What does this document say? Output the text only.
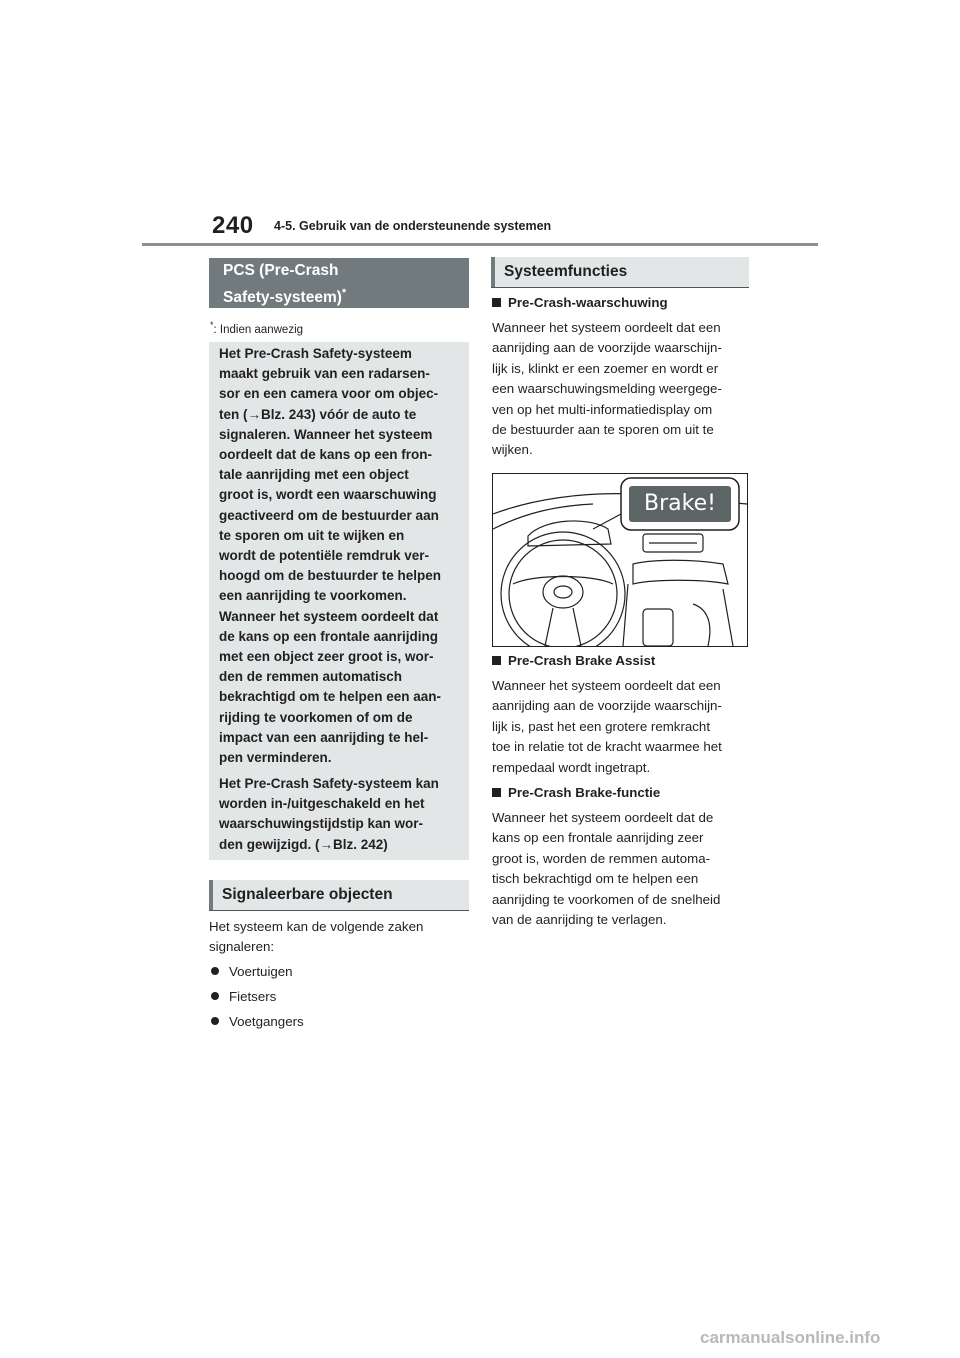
240 4-5. Gebruik van de ondersteunende systemen
PCS (Pre-Crash
Safety-systeem)*
*: Indien aanwezig
Het Pre-Crash Safety-systeem
maakt gebruik van een radarsen-
sor en een camera voor om objec-
ten (→Blz. 243) vóór de auto te
signaleren. Wanneer het systeem
oordeelt dat de kans op een fron-
tale aanrijding met een object
groot is, wordt een waarschuwing
geactiveerd om de bestuurder aan
te sporen om uit te wijken en
wordt de potentiële remdruk ver-
hoogd om de bestuurder te helpen
een aanrijding te voorkomen.
Wanneer het systeem oordeelt dat
de kans op een frontale aanrijding
met een object zeer groot is, wor-
den de remmen automatisch
bekrachtigd om te helpen een aan-
rijding te voorkomen of om de
impact van een aanrijding te hel-
pen verminderen.
Het Pre-Crash Safety-systeem kan
worden in-/uitgeschakeld en het
waarschuwingstijdstip kan wor-
den gewijzigd. (→Blz. 242)
Signaleerbare objecten
Het systeem kan de volgende zaken
signaleren:
Voertuigen
Fietsers
Voetgangers
Systeemfuncties
Pre-Crash-waarschuwing
Wanneer het systeem oordeelt dat een
aanrijding aan de voorzijde waarschijn-
lijk is, klinkt er een zoemer en wordt er
een waarschuwingsmelding weergege-
ven op het multi-informatiedisplay om
de bestuurder aan te sporen om uit te
wijken.
Brake!
Pre-Crash Brake Assist
Wanneer het systeem oordeelt dat een
aanrijding aan de voorzijde waarschijn-
lijk is, past het een grotere remkracht
toe in relatie tot de kracht waarmee het
rempedaal wordt ingetrapt.
Pre-Crash Brake-functie
Wanneer het systeem oordeelt dat de
kans op een frontale aanrijding zeer
groot is, worden de remmen automa-
tisch bekrachtigd om te helpen een
aanrijding te voorkomen of de snelheid
van de aanrijding te verlagen.
carmanualsonline.info
